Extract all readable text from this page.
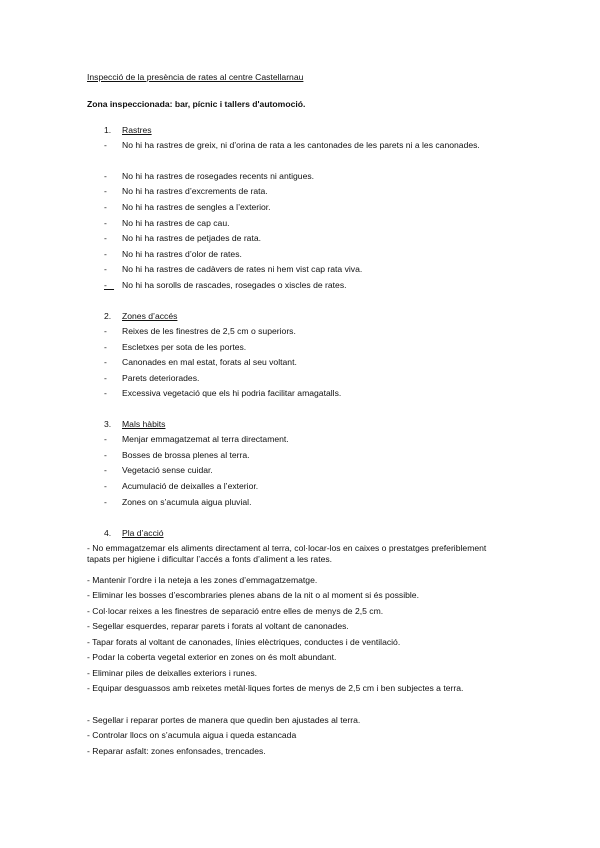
Inspecció de la presència de rates al centre Castellarnau
Zona inspeccionada: bar, pícnic i tallers d'automoció.
1. Rastres
- No hi ha rastres de greix, ni d’orina de rata a les cantonades de les parets ni a les canonades.
- No hi ha rastres de rosegades recents ni antigues.
- No hi ha rastres d’excrements de rata.
- No hi ha rastres de sengles a l’exterior.
- No hi ha rastres de cap cau.
- No hi ha rastres de petjades de rata.
- No hi ha rastres d’olor de rates.
- No hi ha rastres de cadàvers de rates ni hem vist cap rata viva.
- No hi ha sorolls de rascades, rosegades o xiscles de rates.
2. Zones d’accés
- Reixes de les finestres de 2,5 cm o superiors.
- Escletxes per sota de les portes.
- Canonades en mal estat, forats al seu voltant.
- Parets deteriorades.
- Excessiva vegetació que els hi podria facilitar amagatalls.
3. Mals hàbits
- Menjar emmagatzemat al terra directament.
- Bosses de brossa plenes al terra.
- Vegetació sense cuidar.
- Acumulació de deixalles a l’exterior.
- Zones on s’acumula aigua pluvial.
4. Pla d’acció
- No emmagatzemar els aliments directament al terra, col·locar-los en caixes o prestatges preferiblement tapats per higiene i dificultar l’accés a fonts d’aliment a les rates.
- Mantenir l’ordre i la neteja a les zones d’emmagatzematge.
- Eliminar les bosses d’escombraries plenes abans de la nit o al moment si és possible.
- Col·locar reixes a les finestres de separació entre elles de menys de 2,5 cm.
- Segellar esquerdes, reparar parets i forats al voltant de canonades.
- Tapar forats al voltant de canonades, línies elèctriques, conductes i de ventilació.
- Podar la coberta vegetal exterior en zones on és molt abundant.
- Eliminar piles de deixalles exteriors i runes.
- Equipar desguassos amb reixetes metàl·liques fortes de menys de 2,5 cm i ben subjectes a terra.
- Segellar i reparar portes de manera que quedin ben ajustades al terra.
- Controlar llocs on s’acumula aigua i queda estancada
- Reparar asfalt: zones enfonsades, trencades.
